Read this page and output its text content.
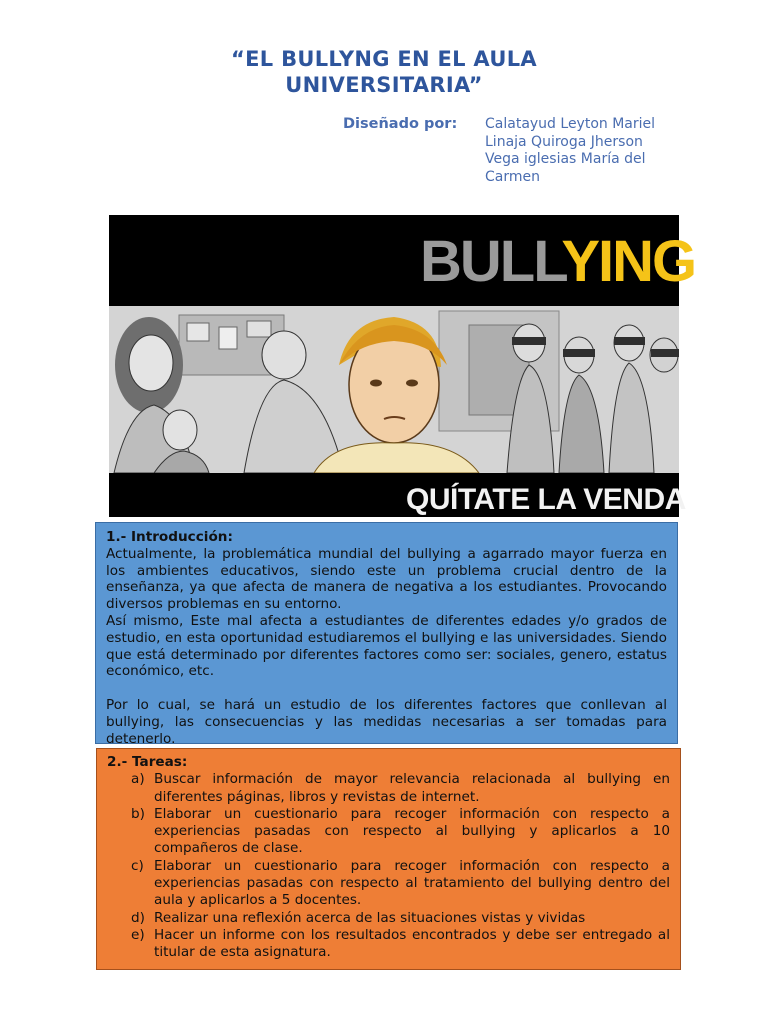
“EL BULLYNG EN EL AULA
UNIVERSITARIA”
Diseñado por: Calatayud Leyton Mariel
Linaja Quiroga Jherson
Vega iglesias María del
Carmen
BULLYING
QUÍTATE LA VENDA
1.- Introducción:

Actualmente, la problemática mundial del bullying a agarrado mayor fuerza en los ambientes educativos, siendo este un problema crucial dentro de la enseñanza, ya que afecta de manera de negativa a los estudiantes. Provocando diversos problemas en su entorno.

Así mismo, Este mal afecta a estudiantes de diferentes edades y/o grados de estudio, en esta oportunidad estudiaremos el bullying e las universidades. Siendo que está determinado por diferentes factores como ser: sociales, genero, estatus económico, etc.

Por lo cual, se hará un estudio de los diferentes factores que conllevan al bullying, las consecuencias y las medidas necesarias a ser tomadas para detenerlo.

2.- Tareas:
a) Buscar información de mayor relevancia relacionada al bullying en diferentes páginas, libros y revistas de internet.
b) Elaborar un cuestionario para recoger información con respecto a experiencias pasadas con respecto al bullying y aplicarlos a 10 compañeros de clase.
c) Elaborar un cuestionario para recoger información con respecto a experiencias pasadas con respecto al tratamiento del bullying dentro del aula y aplicarlos a 5 docentes.
d) Realizar una reflexión acerca de las situaciones vistas y vividas
e) Hacer un informe con los resultados encontrados y debe ser entregado al titular de esta asignatura.
